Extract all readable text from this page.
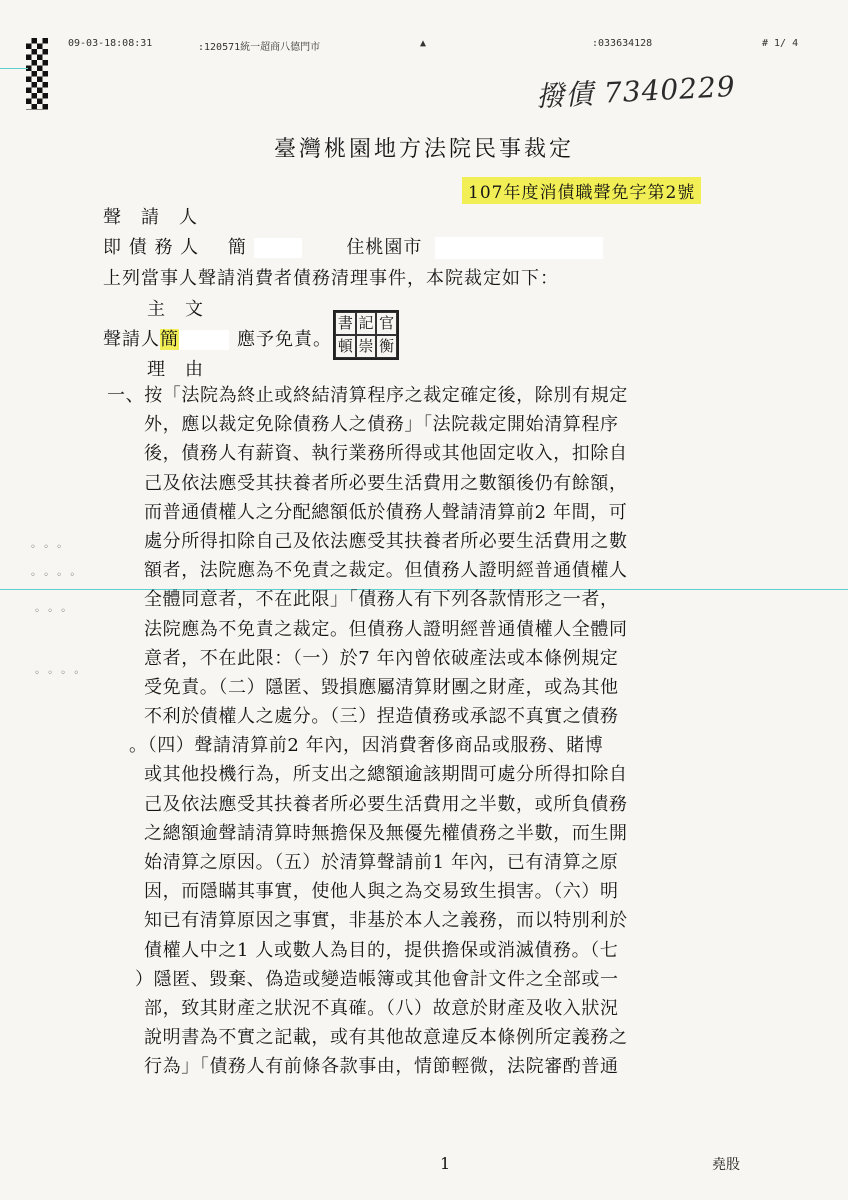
09-03-18:08:31	:120571統一超商八德門市	▲	:033634128	# 1/ 4
撥債 7340229
臺灣桃園地方法院民事裁定
107年度消債職聲免字第2號
聲　請　人
即 債 務 人 簡	住桃園市
上列當事人聲請消費者債務清理事件，本院裁定如下：
主　文
聲請人簡	應予免責。
書 記 官
頓 崇 衡
理　由
一、按「法院為終止或終結清算程序之裁定確定後，除別有規定
外，應以裁定免除債務人之債務」「法院裁定開始清算程序
後，債務人有薪資、執行業務所得或其他固定收入，扣除自
己及依法應受其扶養者所必要生活費用之數額後仍有餘額，
而普通債權人之分配總額低於債務人聲請清算前2 年間，可
處分所得扣除自己及依法應受其扶養者所必要生活費用之數
額者，法院應為不免責之裁定。但債務人證明經普通債權人
全體同意者，不在此限」「債務人有下列各款情形之一者，
法院應為不免責之裁定。但債務人證明經普通債權人全體同
意者，不在此限：（一）於7 年內曾依破產法或本條例規定
受免責。（二）隱匿、毀損應屬清算財團之財產，或為其他
不利於債權人之處分。（三）捏造債務或承認不真實之債務
。（四）聲請清算前2 年內，因消費奢侈商品或服務、賭博
或其他投機行為，所支出之總額逾該期間可處分所得扣除自
己及依法應受其扶養者所必要生活費用之半數，或所負債務
之總額逾聲請清算時無擔保及無優先權債務之半數，而生開
始清算之原因。（五）於清算聲請前1 年內，已有清算之原
因，而隱瞞其事實，使他人與之為交易致生損害。（六）明
知已有清算原因之事實，非基於本人之義務，而以特別利於
債權人中之1 人或數人為目的，提供擔保或消滅債務。（七
）隱匿、毀棄、偽造或變造帳簿或其他會計文件之全部或一
部，致其財產之狀況不真確。（八）故意於財產及收入狀況
說明書為不實之記載，或有其他故意違反本條例所定義務之
行為」「債務人有前條各款事由，情節輕微，法院審酌普通
◦ ◦ ◦
◦ ◦ ◦ ◦
◦ ◦ ◦
◦ ◦ ◦ ◦
1	堯股
